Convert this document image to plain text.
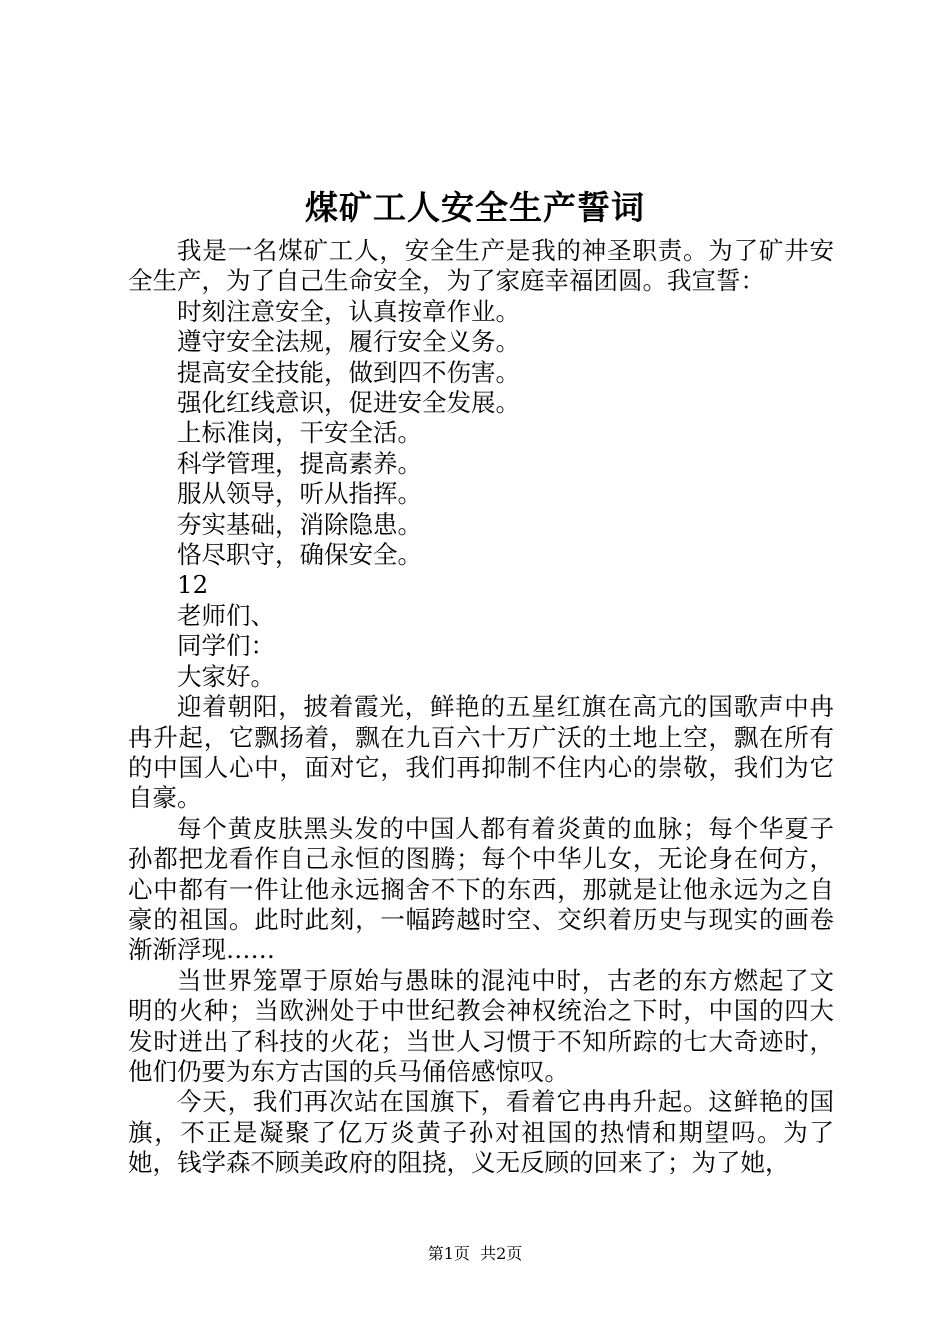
煤矿工人安全生产誓词

我是一名煤矿工人，安全生产是我的神圣职责。为了矿井安全生产，为了自己生命安全，为了家庭幸福团圆。我宣誓：

时刻注意安全，认真按章作业。

遵守安全法规，履行安全义务。

提高安全技能，做到四不伤害。

强化红线意识，促进安全发展。

上标准岗，干安全活。

科学管理，提高素养。

服从领导，听从指挥。

夯实基础，消除隐患。

恪尽职守，确保安全。

12

老师们、

同学们：

大家好。

迎着朝阳，披着霞光，鲜艳的五星红旗在高亢的国歌声中冉冉升起，它飘扬着，飘在九百六十万广沃的土地上空，飘在所有的中国人心中，面对它，我们再抑制不住内心的崇敬，我们为它自豪。

每个黄皮肤黑头发的中国人都有着炎黄的血脉；每个华夏子孙都把龙看作自己永恒的图腾；每个中华儿女，无论身在何方，心中都有一件让他永远搁舍不下的东西，那就是让他永远为之自豪的祖国。此时此刻，一幅跨越时空、交织着历史与现实的画卷渐渐浮现……

当世界笼罩于原始与愚昧的混沌中时，古老的东方燃起了文明的火种；当欧洲处于中世纪教会神权统治之下时，中国的四大发时迸出了科技的火花；当世人习惯于不知所踪的七大奇迹时，他们仍要为东方古国的兵马俑倍感惊叹。

今天，我们再次站在国旗下，看着它冉冉升起。这鲜艳的国旗，不正是凝聚了亿万炎黄子孙对祖国的热情和期望吗。为了她，钱学森不顾美政府的阻挠，义无反顾的回来了；为了她，

第1页 共2页
